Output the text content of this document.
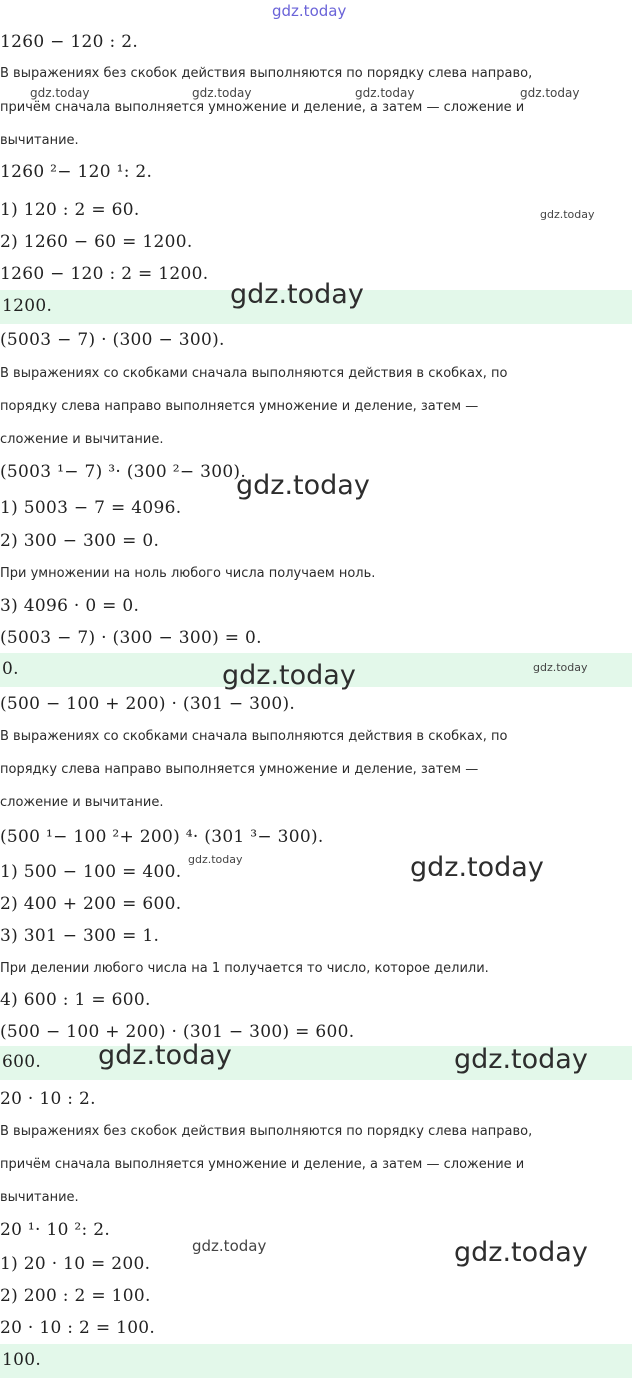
gdz.today
gdz.today	gdz.today	gdz.today	gdz.today
gdz.today
1260 − 120 : 2.
В выражениях без скобок действия выполняются по порядку слева направо,
причём сначала выполняется умножение и деление, а затем — сложение и
вычитание.
1260 ²− 120 ¹: 2.
1) 120 : 2 = 60.
2) 1260 − 60 = 1200.
1260 − 120 : 2 = 1200.
1200.	gdz.today
(5003 − 7) · (300 − 300).
В выражениях со скобками сначала выполняются действия в скобках, по
порядку слева направо выполняется умножение и деление, затем —
сложение и вычитание.
(5003 ¹− 7) ³· (300 ²− 300).
gdz.today
1) 5003 − 7 = 4096.
2) 300 − 300 = 0.
При умножении на ноль любого числа получаем ноль.
3) 4096 · 0 = 0.
(5003 − 7) · (300 − 300) = 0.
0.	gdz.today	gdz.today
(500 − 100 + 200) · (301 − 300).
В выражениях со скобками сначала выполняются действия в скобках, по
порядку слева направо выполняется умножение и деление, затем —
сложение и вычитание.
(500 ¹− 100 ²+ 200) ⁴· (301 ³− 300).
1) 500 − 100 = 400.
gdz.today	gdz.today
2) 400 + 200 = 600.
3) 301 − 300 = 1.
При делении любого числа на 1 получается то число, которое делили.
4) 600 : 1 = 600.
(500 − 100 + 200) · (301 − 300) = 600.
600. gdz.today	gdz.today
20 · 10 : 2.
В выражениях без скобок действия выполняются по порядку слева направо,
причём сначала выполняется умножение и деление, а затем — сложение и
вычитание.
20 ¹· 10 ²: 2.
gdz.today	gdz.today
1) 20 · 10 = 200.
2) 200 : 2 = 100.
20 · 10 : 2 = 100.
100.
